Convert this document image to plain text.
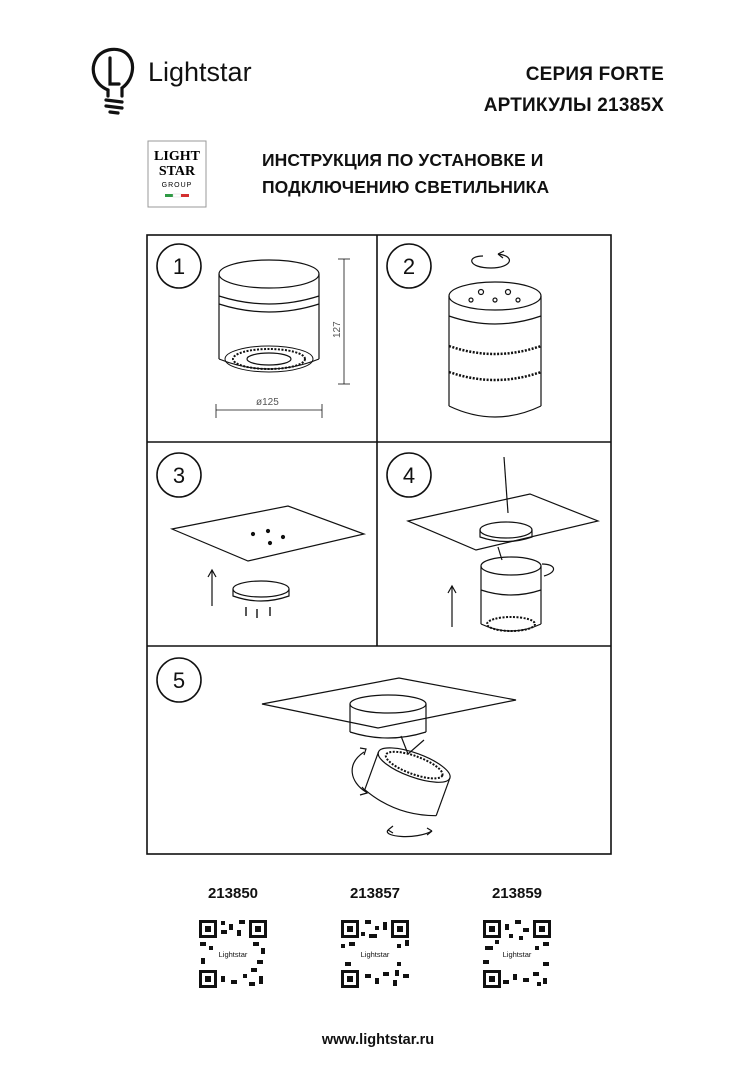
Lightstar	СЕРИЯ FORTE
АРТИКУЛЫ 21385X
LIGHT
STAR
GROUP
ИНСТРУКЦИЯ ПО УСТАНОВКЕ И
ПОДКЛЮЧЕНИЮ СВЕТИЛЬНИКА
1	2
3	4
5
127
ø125
213850	213857	213859
Lightstar	Lightstar	Lightstar
www.lightstar.ru
